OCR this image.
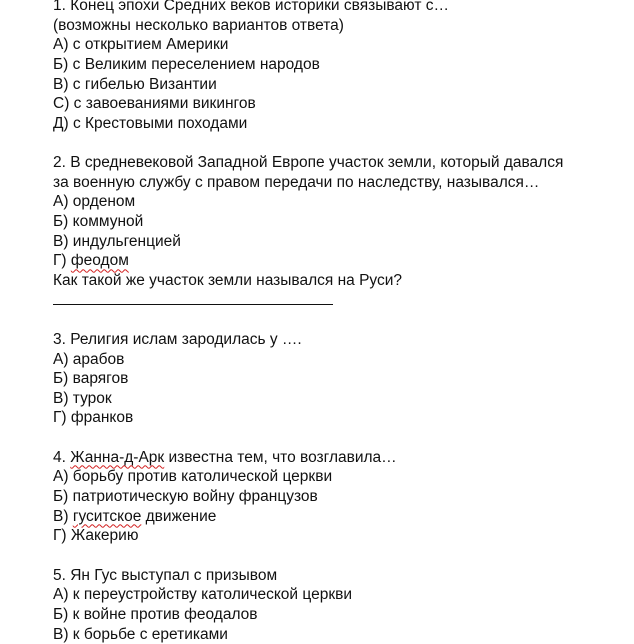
1. Конец эпохи Средних веков историки связывают с…
(возможны несколько вариантов ответа)
А) с открытием Америки
Б) с Великим переселением народов
В) с гибелью Византии
С) с завоеваниями викингов
Д) с Крестовыми походами
2. В средневековой Западной Европе участок земли, который давался
за военную службу с правом передачи по наследству, назывался…
А) орденом
Б) коммуной
В) индульгенцией
Г) феодом
Как такой же участок земли назывался на Руси?
3. Религия ислам зародилась у ….
А) арабов
Б) варягов
В) турок
Г) франков
4. Жанна-д-Арк известна тем, что возглавила…
А) борьбу против католической церкви
Б) патриотическую войну французов
В) гуситское движение
Г) Жакерию
5. Ян Гус выступал с призывом
А) к переустройству католической церкви
Б) к войне против феодалов
В) к борьбе с еретиками
